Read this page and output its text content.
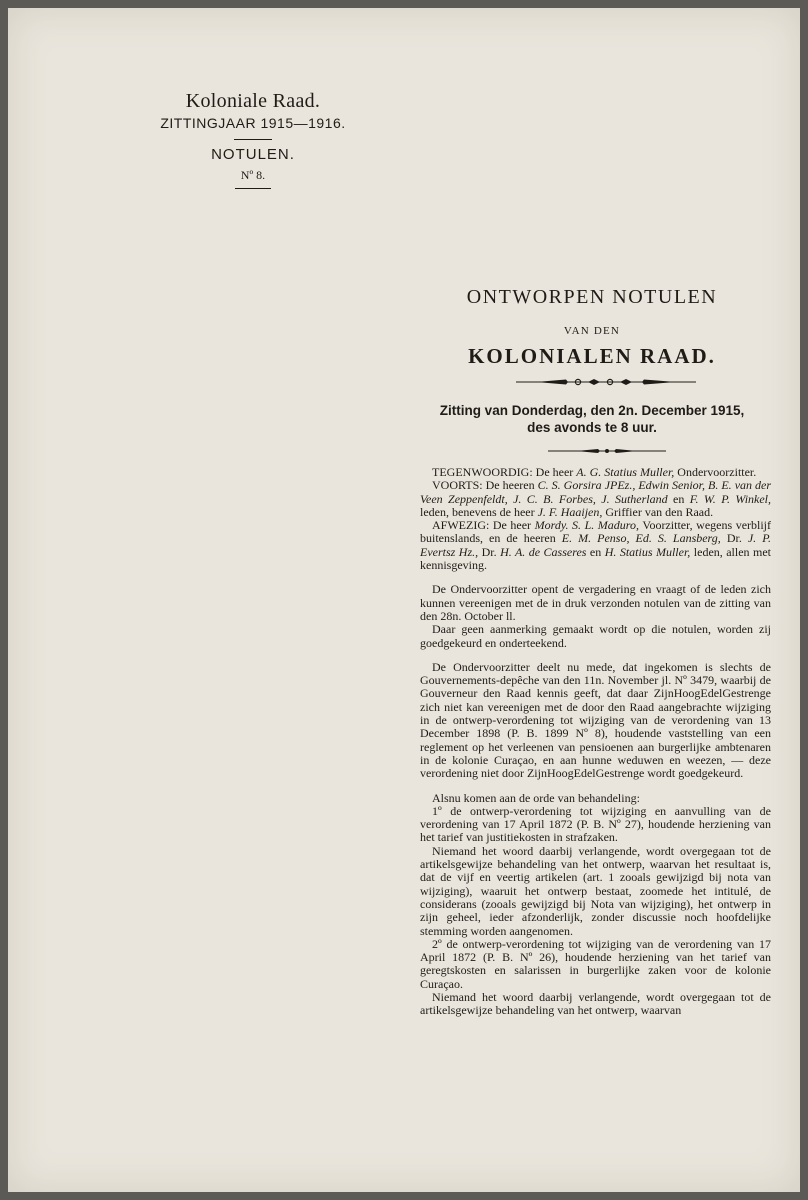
Koloniale Raad.
ZITTINGJAAR 1915—1916.
NOTULEN.
Nº 8.
ONTWORPEN NOTULEN
VAN DEN
KOLONIALEN RAAD.
Zitting van Donderdag, den 2n. December 1915,
des avonds te 8 uur.

TEGENWOORDIG: De heer A. G. Statius Muller, Ondervoorzitter.

VOORTS: De heeren C. S. Gorsira JPEz., Edwin Senior, B. E. van der Veen Zeppenfeldt, J. C. B. Forbes, J. Sutherland en F. W. P. Winkel, leden, benevens de heer J. F. Haaijen, Griffier van den Raad.

AFWEZIG: De heer Mordy. S. L. Maduro, Voorzitter, wegens verblijf buitenslands, en de heeren E. M. Penso, Ed. S. Lansberg, Dr. J. P. Evertsz Hz., Dr. H. A. de Casseres en H. Statius Muller, leden, allen met kennisgeving.

De Ondervoorzitter opent de vergadering en vraagt of de leden zich kunnen vereenigen met de in druk verzonden notulen van de zitting van den 28n. October ll.

Daar geen aanmerking gemaakt wordt op die notulen, worden zij goedgekeurd en onderteekend.

De Ondervoorzitter deelt nu mede, dat ingekomen is slechts de Gouvernements-depêche van den 11n. November jl. Nº 3479, waarbij de Gouverneur den Raad kennis geeft, dat daar ZijnHoogEdelGestrenge zich niet kan vereenigen met de door den Raad aangebrachte wijziging in de ontwerp-verordening tot wijziging van de verordening van 13 December 1898 (P. B. 1899 Nº 8), houdende vaststelling van een reglement op het verleenen van pensioenen aan burgerlijke ambtenaren in de kolonie Curaçao, en aan hunne weduwen en weezen, — deze verordening niet door ZijnHoogEdelGestrenge wordt goedgekeurd.

Alsnu komen aan de orde van behandeling:

1º de ontwerp-verordening tot wijziging en aanvulling van de verordening van 17 April 1872 (P. B. Nº 27), houdende herziening van het tarief van justitiekosten in strafzaken.

Niemand het woord daarbij verlangende, wordt overgegaan tot de artikelsgewijze behandeling van het ontwerp, waarvan het resultaat is, dat de vijf en veertig artikelen (art. 1 zooals gewijzigd bij nota van wijziging), waaruit het ontwerp bestaat, zoomede het intitulé, de considerans (zooals gewijzigd bij Nota van wijziging), het ontwerp in zijn geheel, ieder afzonderlijk, zonder discussie noch hoofdelijke stemming worden aangenomen.

2º de ontwerp-verordening tot wijziging van de verordening van 17 April 1872 (P. B. Nº 26), houdende herziening van het tarief van geregtskosten en salarissen in burgerlijke zaken voor de kolonie Curaçao.

Niemand het woord daarbij verlangende, wordt overgegaan tot de artikelsgewijze behandeling van het ontwerp, waarvan
